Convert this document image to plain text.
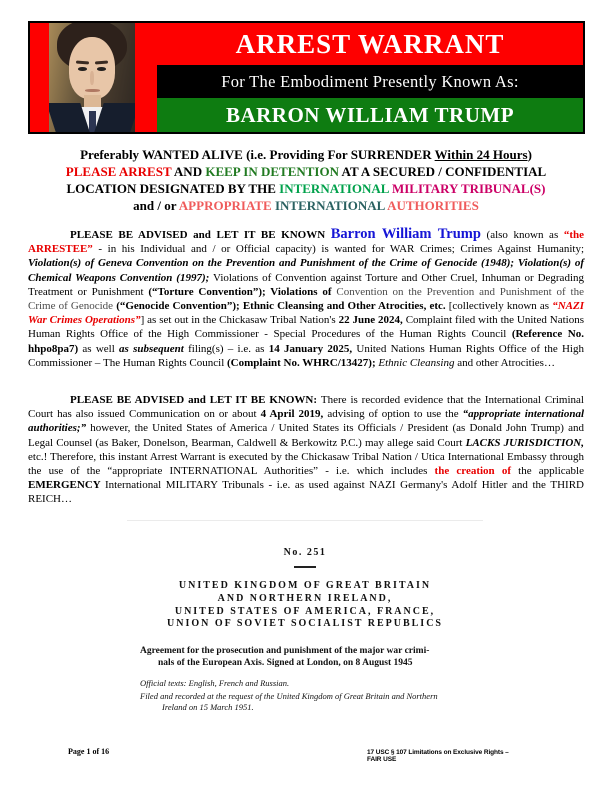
ARREST WARRANT
For The Embodiment Presently Known As:
BARRON WILLIAM TRUMP
Preferably WANTED ALIVE (i.e. Providing For SURRENDER Within 24 Hours)
PLEASE ARREST AND KEEP IN DETENTION AT A SECURED / CONFIDENTIAL
LOCATION DESIGNATED BY THE INTERNATIONAL MILITARY TRIBUNAL(S)
and / or APPROPRIATE INTERNATIONAL AUTHORITIES
PLEASE BE ADVISED and LET IT BE KNOWN Barron William Trump (also known as “the ARRESTEE” - in his Individual and / or Official capacity) is wanted for WAR Crimes; Crimes Against Humanity; Violation(s) of Geneva Convention on the Prevention and Punishment of the Crime of Genocide (1948); Violation(s) of Chemical Weapons Convention (1997); Violations of Convention against Torture and Other Cruel, Inhuman or Degrading Treatment or Punishment (“Torture Convention”); Violations of Convention on the Prevention and Punishment of the Crime of Genocide (“Genocide Convention”); Ethnic Cleansing and Other Atrocities, etc. [collectively known as “NAZI War Crimes Operations”] as set out in the Chickasaw Tribal Nation's 22 June 2024, Complaint filed with the United Nations Human Rights Office of the High Commissioner - Special Procedures of the Human Rights Council (Reference No. hhpo8pa7) as well as subsequent filing(s) – i.e. as 14 January 2025, United Nations Human Rights Office of the High Commissioner – The Human Rights Council (Complaint No. WHRC/13427); Ethnic Cleansing and other Atrocities…
PLEASE BE ADVISED and LET IT BE KNOWN: There is recorded evidence that the International Criminal Court has also issued Communication on or about 4 April 2019, advising of option to use the “appropriate international authorities;” however, the United States of America / United States its Officials / President (as Donald John Trump) and Legal Counsel (as Baker, Donelson, Bearman, Caldwell & Berkowitz P.C.) may allege said Court LACKS JURISDICTION, etc.! Therefore, this instant Arrest Warrant is executed by the Chickasaw Tribal Nation / Utica International Embassy through the use of the “appropriate INTERNATIONAL Authorities” - i.e. which includes the creation of the applicable EMERGENCY International MILITARY Tribunals - i.e. as used against NAZI Germany's Adolf Hitler and the THIRD REICH…
No. 251
UNITED KINGDOM OF GREAT BRITAIN
AND NORTHERN IRELAND,
UNITED STATES OF AMERICA, FRANCE,
UNION OF SOVIET SOCIALIST REPUBLICS
Agreement for the prosecution and punishment of the major war crimi-
nals of the European Axis. Signed at London, on 8 August 1945
Official texts: English, French and Russian.
Filed and recorded at the request of the United Kingdom of Great Britain and Northern
Ireland on 15 March 1951.
Page 1 of 16	17 USC § 107 Limitations on Exclusive Rights – FAIR USE
